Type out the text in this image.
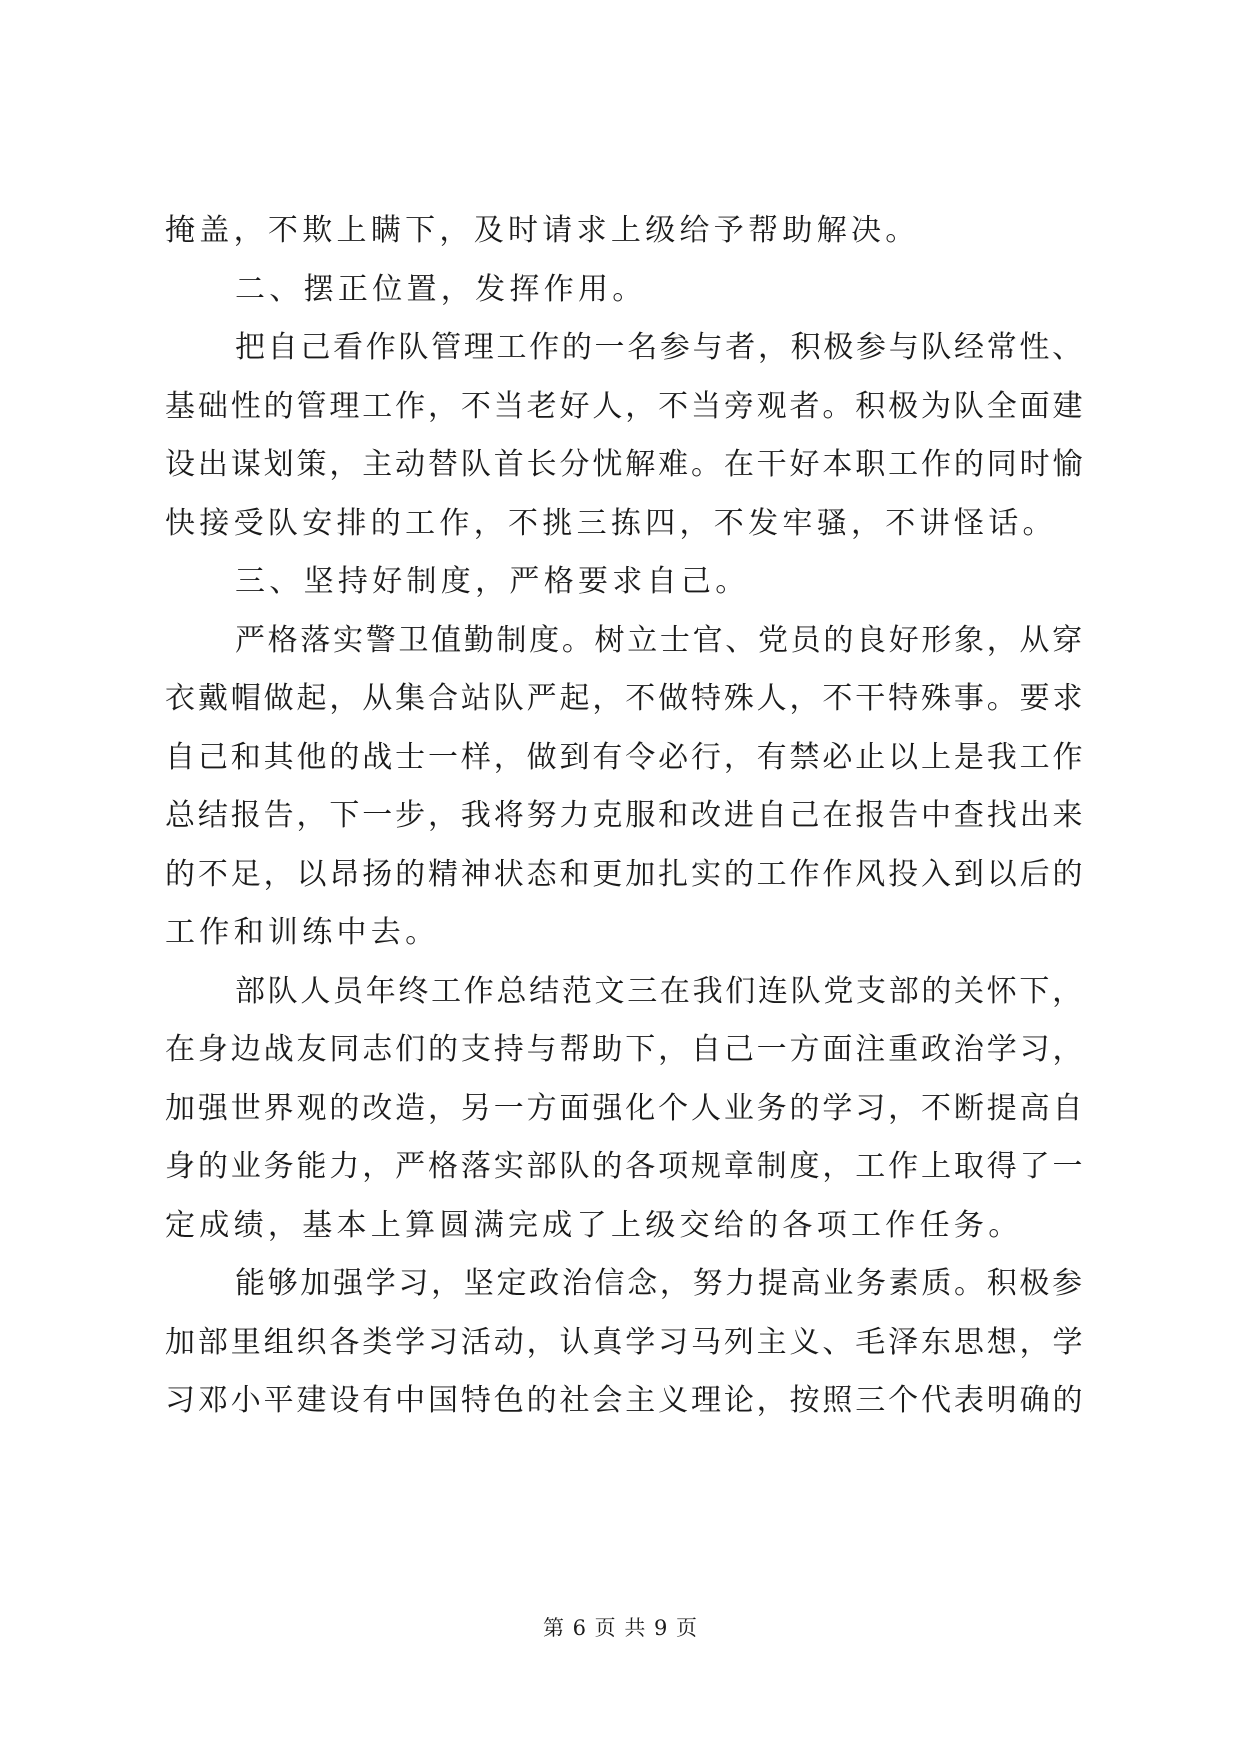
掩盖，不欺上瞒下，及时请求上级给予帮助解决。
二、摆正位置，发挥作用。
把自己看作队管理工作的一名参与者，积极参与队经常性、
基础性的管理工作，不当老好人，不当旁观者。积极为队全面建
设出谋划策，主动替队首长分忧解难。在干好本职工作的同时愉
快接受队安排的工作，不挑三拣四，不发牢骚，不讲怪话。
三、坚持好制度，严格要求自己。
严格落实警卫值勤制度。树立士官、党员的良好形象，从穿
衣戴帽做起，从集合站队严起，不做特殊人，不干特殊事。要求
自己和其他的战士一样，做到有令必行，有禁必止以上是我工作
总结报告，下一步，我将努力克服和改进自己在报告中查找出来
的不足，以昂扬的精神状态和更加扎实的工作作风投入到以后的
工作和训练中去。
部队人员年终工作总结范文三在我们连队党支部的关怀下，
在身边战友同志们的支持与帮助下，自己一方面注重政治学习，
加强世界观的改造，另一方面强化个人业务的学习，不断提高自
身的业务能力，严格落实部队的各项规章制度，工作上取得了一
定成绩，基本上算圆满完成了上级交给的各项工作任务。
能够加强学习，坚定政治信念，努力提高业务素质。积极参
加部里组织各类学习活动，认真学习马列主义、毛泽东思想，学
习邓小平建设有中国特色的社会主义理论，按照三个代表明确的
第 6 页 共 9 页
